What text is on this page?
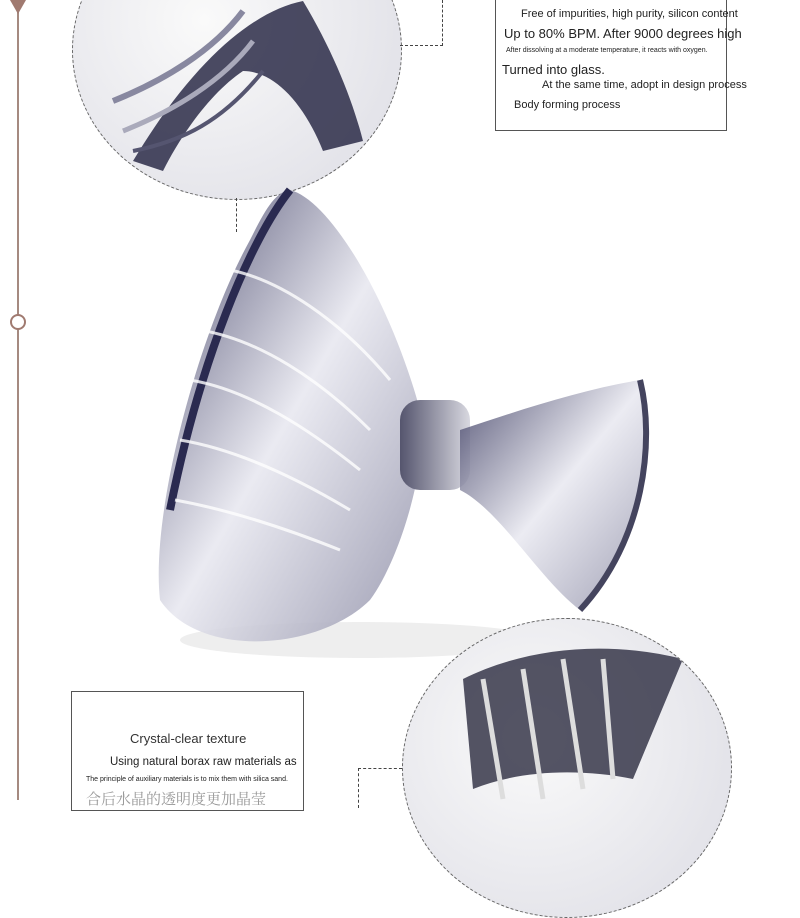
Free of impurities, high purity, silicon content
Up to 80% BPM. After 9000 degrees high
After dissolving at a moderate temperature, it reacts with oxygen.
Turned into glass.
At the same time, adopt in design process
Body forming process
Crystal-clear texture
Using natural borax raw materials as
The principle of auxiliary materials is to mix them with silica sand.
合后水晶的透明度更加晶莹
